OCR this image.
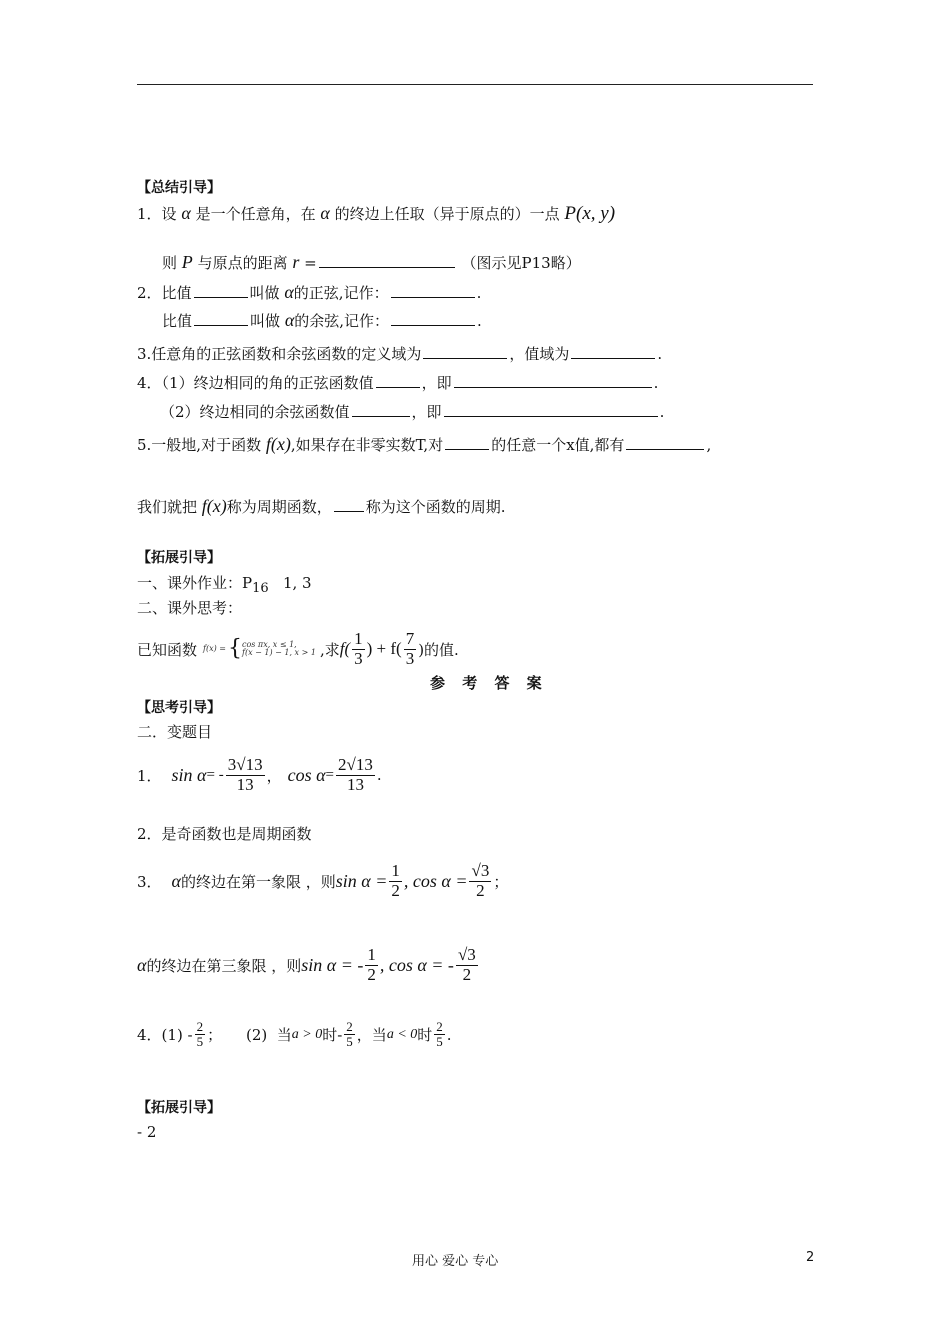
【总结引导】
1．设 α 是一个任意角，在 α 的终边上任取（异于原点的）一点 P(x, y)
则 P 与原点的距离 r =	（图示见P13略）
2．比值	叫做 α的正弦,记作：	.
比值	叫做 α的余弦,记作：	.
3.任意角的正弦函数和余弦函数的定义域为	，值域为	.
4．（1）终边相同的角的正弦函数值	，即	.
（2）终边相同的余弦函数值	，即	.
5.一般地,对于函数 f(x),如果存在非零实数T,对	的任意一个x值,都有	,
我们就把 f(x)称为周期函数， 称为这个函数的周期.
【拓展引导】
一、课外作业：$P_{16}$ 1, 3
二、课外思考：
已知函数 f(x) = { cos πx, x ≤ 1,
f(x − 1) − 1, x > 1 ,求 $f( \frac{1}{3}$ ) + $f( \frac{7}{3}$ )的值.
参 考 答 案
【思考引导】
二．变题目
1． sin α = - $\frac{3√13}{13}$ ， $\cos \alpha = \frac{2√13}{13}$ .
2．是奇函数也是周期函数
3． α 的终边在第一象限 ，则 $\sin \alpha = \frac{1}{2}$ , $\cos \alpha = \frac{√3}{2}$ ；
α 的终边在第三象限 ，则 sin α = - $\frac{1}{2}$ , cos α = - $\frac{√3}{2}$
4．$(1) - \frac{2}{5}$ ；     (2)  当 a > 0 时- $\frac{2}{5}$ ，当 a < 0 时 $\frac{2}{5}$ .
【拓展引导】
- 2
用心 爱心 专心	2
